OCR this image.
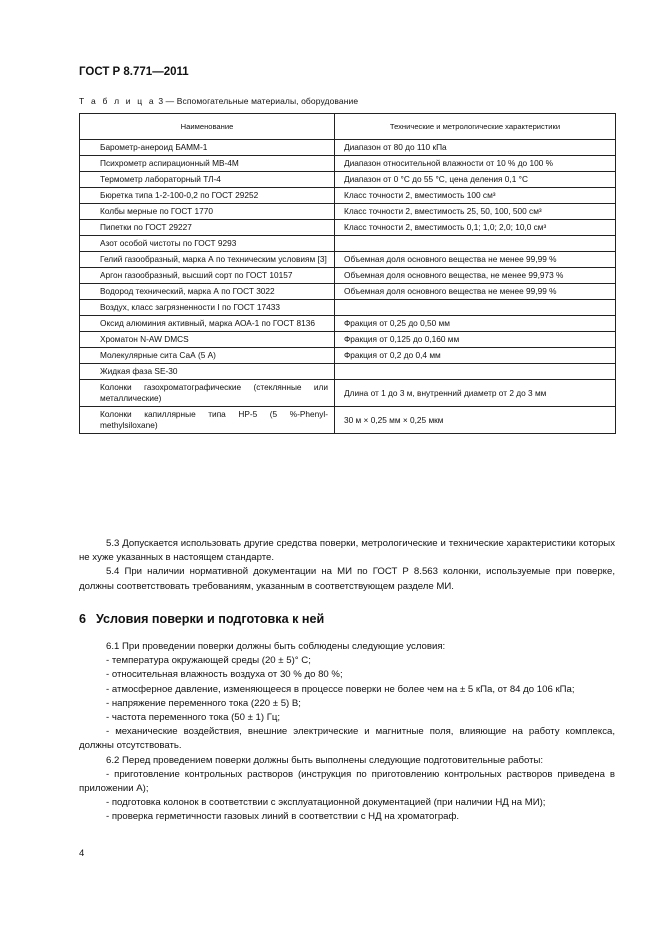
ГОСТ Р 8.771—2011
Т а б л и ц а 3 — Вспомогательные материалы, оборудование
Наименование	Технические и метрологические характеристики
Барометр-анероид БАММ-1	Диапазон от 80 до 110 кПа
Психрометр аспирационный МВ-4М	Диапазон относительной влажности от 10 % до 100 %
Термометр лабораторный ТЛ-4	Диапазон от 0 °С до 55 °С, цена деления 0,1 °С
Бюретка типа 1-2-100-0,2 по ГОСТ 29252	Класс точности 2, вместимость 100 см³
Колбы мерные по ГОСТ 1770	Класс точности 2, вместимость 25, 50, 100, 500 см³
Пипетки по ГОСТ 29227	Класс точности 2, вместимость 0,1; 1,0; 2,0; 10,0 см³
Азот особой чистоты по ГОСТ 9293	
Гелий газообразный, марка А по техническим условиям [3]	Объемная доля основного вещества не менее 99,99 %
Аргон газообразный, высший сорт по ГОСТ 10157	Объемная доля основного вещества, не менее 99,973 %
Водород технический, марка А по ГОСТ 3022	Объемная доля основного вещества не менее 99,99 %
Воздух, класс загрязненности I по ГОСТ 17433	
Оксид алюминия активный, марка АОА-1 по ГОСТ 8136	Фракция от 0,25 до 0,50 мм
Хроматон N-AW DMCS	Фракция от 0,125 до 0,160 мм
Молекулярные сита СаА (5 А)	Фракция от 0,2 до 0,4 мм
Жидкая фаза SE-30	
Колонки газохроматографические (стеклянные или металлические)	Длина от 1 до 3 м, внутренний диаметр от 2 до 3 мм
Колонки капиллярные типа HP-5 (5 %-Phenyl-methylsiloxane)	30 м × 0,25 мм × 0,25 мкм

5.3 Допускается использовать другие средства поверки, метрологические и технические характеристики которых не хуже указанных в настоящем стандарте.

5.4 При наличии нормативной документации на МИ по ГОСТ Р 8.563 колонки, используемые при поверке, должны соответствовать требованиям, указанным в соответствующем разделе МИ.

6 Условия поверки и подготовка к ней

6.1 При проведении поверки должны быть соблюдены следующие условия:

- температура окружающей среды (20 ± 5)° С;

- относительная влажность воздуха от 30 % до 80 %;

- атмосферное давление, изменяющееся в процессе поверки не более чем на ± 5 кПа, от 84 до 106 кПа;

- напряжение переменного тока (220 ± 5) В;

- частота переменного тока (50 ± 1) Гц;

- механические воздействия, внешние электрические и магнитные поля, влияющие на работу комплекса, должны отсутствовать.

6.2 Перед проведением поверки должны быть выполнены следующие подготовительные работы:

- приготовление контрольных растворов (инструкция по приготовлению контрольных растворов приведена в приложении А);

- подготовка колонок в соответствии с эксплуатационной документацией (при наличии НД на МИ);

- проверка герметичности газовых линий в соответствии с НД на хроматограф.

4
